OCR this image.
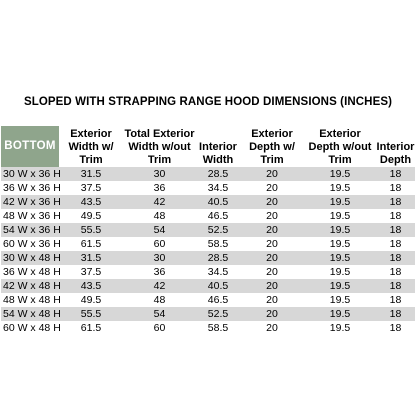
SLOPED WITH STRAPPING RANGE HOOD DIMENSIONS (INCHES)
BOTTOM	Exterior Width w/ Trim	Total Exterior Width w/out Trim	Interior Width	Exterior Depth w/ Trim	Exterior Depth w/out Trim	Interior Depth
30 W x 36 H	31.5	30	28.5	20	19.5	18
36 W x 36 H	37.5	36	34.5	20	19.5	18
42 W x 36 H	43.5	42	40.5	20	19.5	18
48 W x 36 H	49.5	48	46.5	20	19.5	18
54 W x 36 H	55.5	54	52.5	20	19.5	18
60 W x 36 H	61.5	60	58.5	20	19.5	18
30 W x 48 H	31.5	30	28.5	20	19.5	18
36 W x 48 H	37.5	36	34.5	20	19.5	18
42 W x 48 H	43.5	42	40.5	20	19.5	18
48 W x 48 H	49.5	48	46.5	20	19.5	18
54 W x 48 H	55.5	54	52.5	20	19.5	18
60 W x 48 H	61.5	60	58.5	20	19.5	18
